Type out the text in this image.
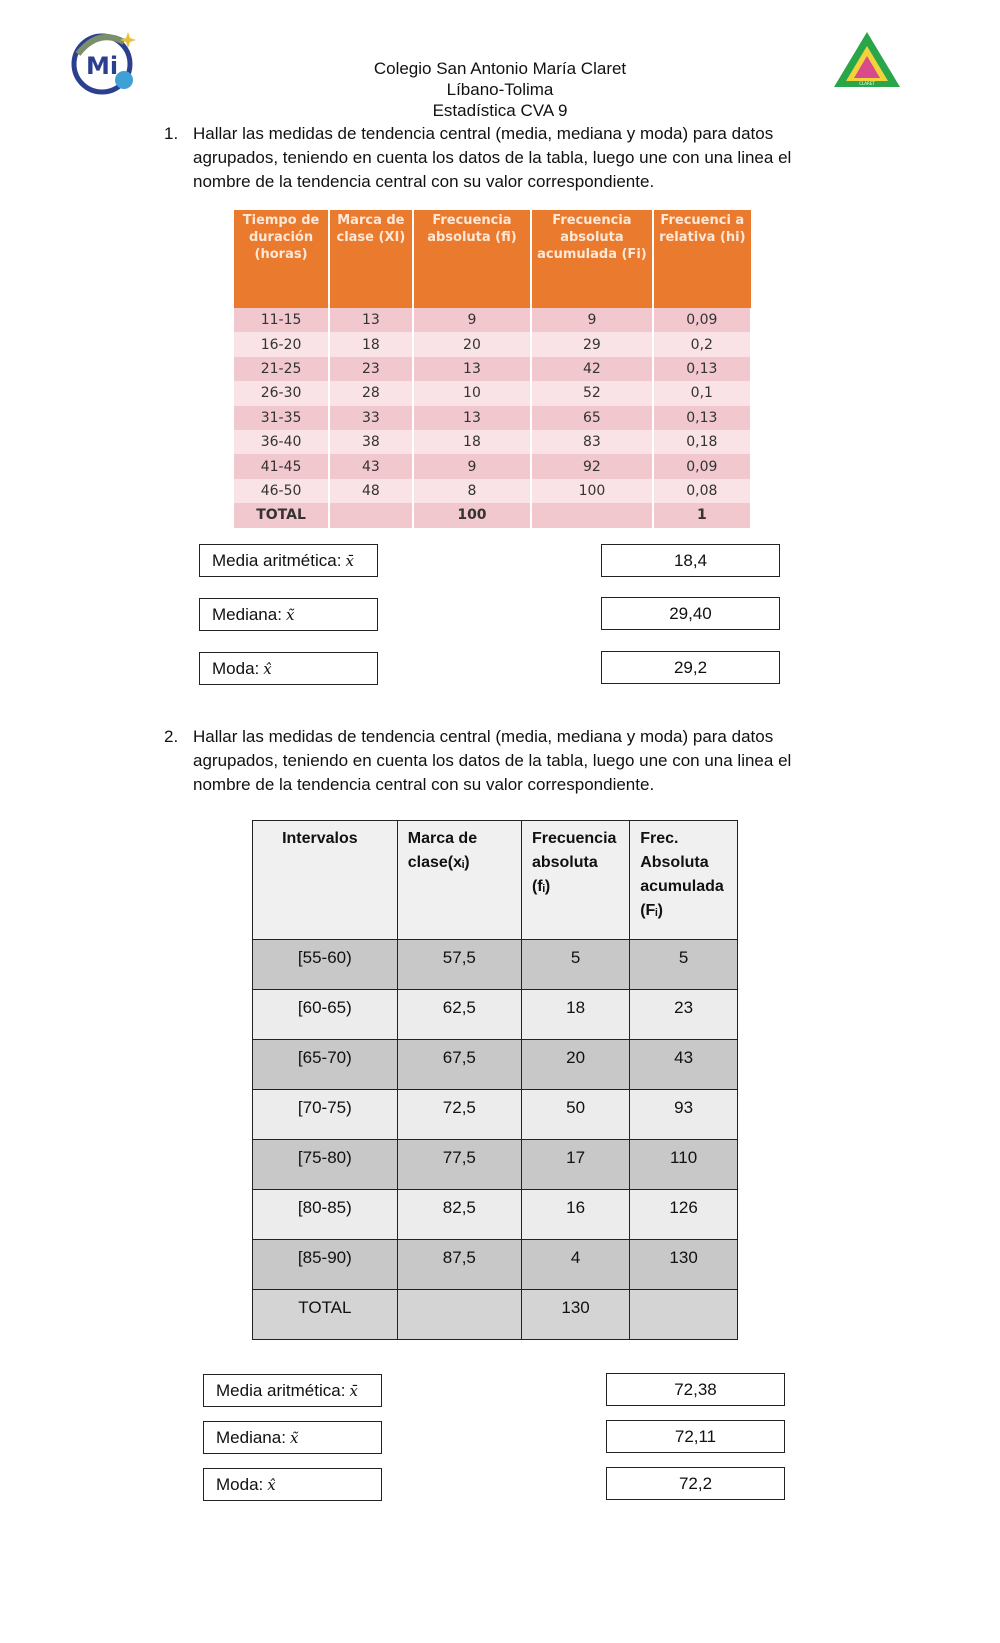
Mi
CLARET
Colegio San Antonio María Claret
Líbano-Tolima
Estadística CVA 9
1. Hallar las medidas de tendencia central (media, mediana y moda) para datos agrupados, teniendo en cuenta los datos de la tabla, luego une con una linea el nombre de la tendencia central con su valor correspondiente.
Tiempo de duración (horas)	Marca de clase (XI)	Frecuencia absoluta (fi)	Frecuencia absoluta acumulada (Fi)	Frecuenci a relativa (hi)
11-15	13	9	9	0,09
16-20	18	20	29	0,2
21-25	23	13	42	0,13
26-30	28	10	52	0,1
31-35	33	13	65	0,13
36-40	38	18	83	0,18
41-45	43	9	92	0,09
46-50	48	8	100	0,08
TOTAL		100		1
Media aritmética: x̄
Mediana: x̃
Moda: x̂
18,4
29,40
29,2
2. Hallar las medidas de tendencia central (media, mediana y moda) para datos agrupados, teniendo en cuenta los datos de la tabla, luego une con una linea el nombre de la tendencia central con su valor correspondiente.
Intervalos	Marca de clase(xᵢ)	Frecuencia absoluta (fᵢ)	Frec. Absoluta acumulada (Fᵢ)
[55-60)	57,5	5	5
[60-65)	62,5	18	23
[65-70)	67,5	20	43
[70-75)	72,5	50	93
[75-80)	77,5	17	110
[80-85)	82,5	16	126
[85-90)	87,5	4	130
TOTAL		130	
Media aritmética: x̄
Mediana: x̃
Moda: x̂
72,38
72,11
72,2
